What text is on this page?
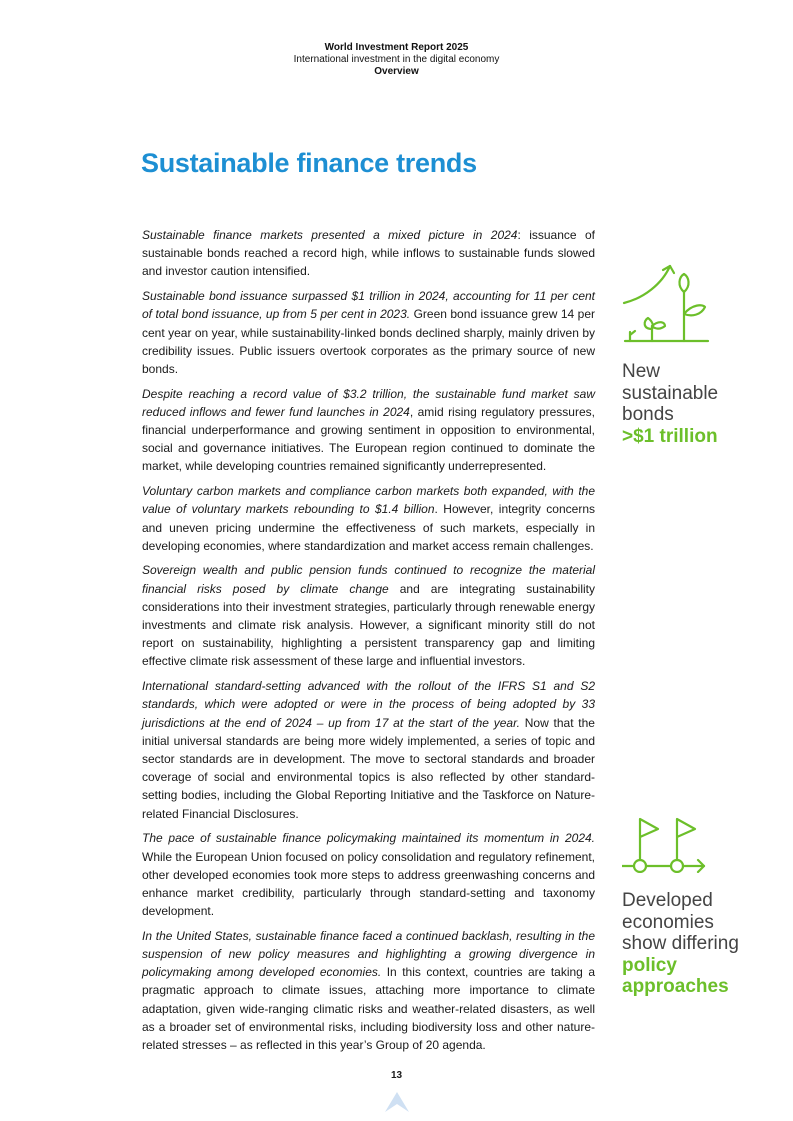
World Investment Report 2025
International investment in the digital economy
Overview
Sustainable finance trends

Sustainable finance markets presented a mixed picture in 2024: issuance of sustainable bonds reached a record high, while inflows to sustainable funds slowed and investor caution intensified.

Sustainable bond issuance surpassed $1 trillion in 2024, accounting for 11 per cent of total bond issuance, up from 5 per cent in 2023. Green bond issuance grew 14 per cent year on year, while sustainability-linked bonds declined sharply, mainly driven by credibility issues. Public issuers overtook corporates as the primary source of new bonds.

Despite reaching a record value of $3.2 trillion, the sustainable fund market saw reduced inflows and fewer fund launches in 2024, amid rising regulatory pressures, financial underperformance and growing sentiment in opposition to environmental, social and governance initiatives. The European region continued to dominate the market, while developing countries remained significantly underrepresented.

Voluntary carbon markets and compliance carbon markets both expanded, with the value of voluntary markets rebounding to $1.4 billion. However, integrity concerns and uneven pricing undermine the effectiveness of such markets, especially in developing economies, where standardization and market access remain challenges.

Sovereign wealth and public pension funds continued to recognize the material financial risks posed by climate change and are integrating sustainability considerations into their investment strategies, particularly through renewable energy investments and climate risk analysis. However, a significant minority still do not report on sustainability, highlighting a persistent transparency gap and limiting effective climate risk assessment of these large and influential investors.

International standard-setting advanced with the rollout of the IFRS S1 and S2 standards, which were adopted or were in the process of being adopted by 33 jurisdictions at the end of 2024 – up from 17 at the start of the year. Now that the initial universal standards are being more widely implemented, a series of topic and sector standards are in development. The move to sectoral standards and broader coverage of social and environmental topics is also reflected by other standard-setting bodies, including the Global Reporting Initiative and the Taskforce on Nature-related Financial Disclosures.

The pace of sustainable finance policymaking maintained its momentum in 2024. While the European Union focused on policy consolidation and regulatory refinement, other developed economies took more steps to address greenwashing concerns and enhance market credibility, particularly through standard-setting and taxonomy development.

In the United States, sustainable finance faced a continued backlash, resulting in the suspension of new policy measures and highlighting a growing divergence in policymaking among developed economies. In this context, countries are taking a pragmatic approach to climate issues, attaching more importance to climate adaptation, given wide-ranging climatic risks and weather-related disasters, as well as a broader set of environmental risks, including biodiversity loss and other nature-related stresses – as reflected in this year’s Group of 20 agenda.

New
sustainable
bonds
>$1 trillion
Developed
economies
show differing
policy
approaches
13
